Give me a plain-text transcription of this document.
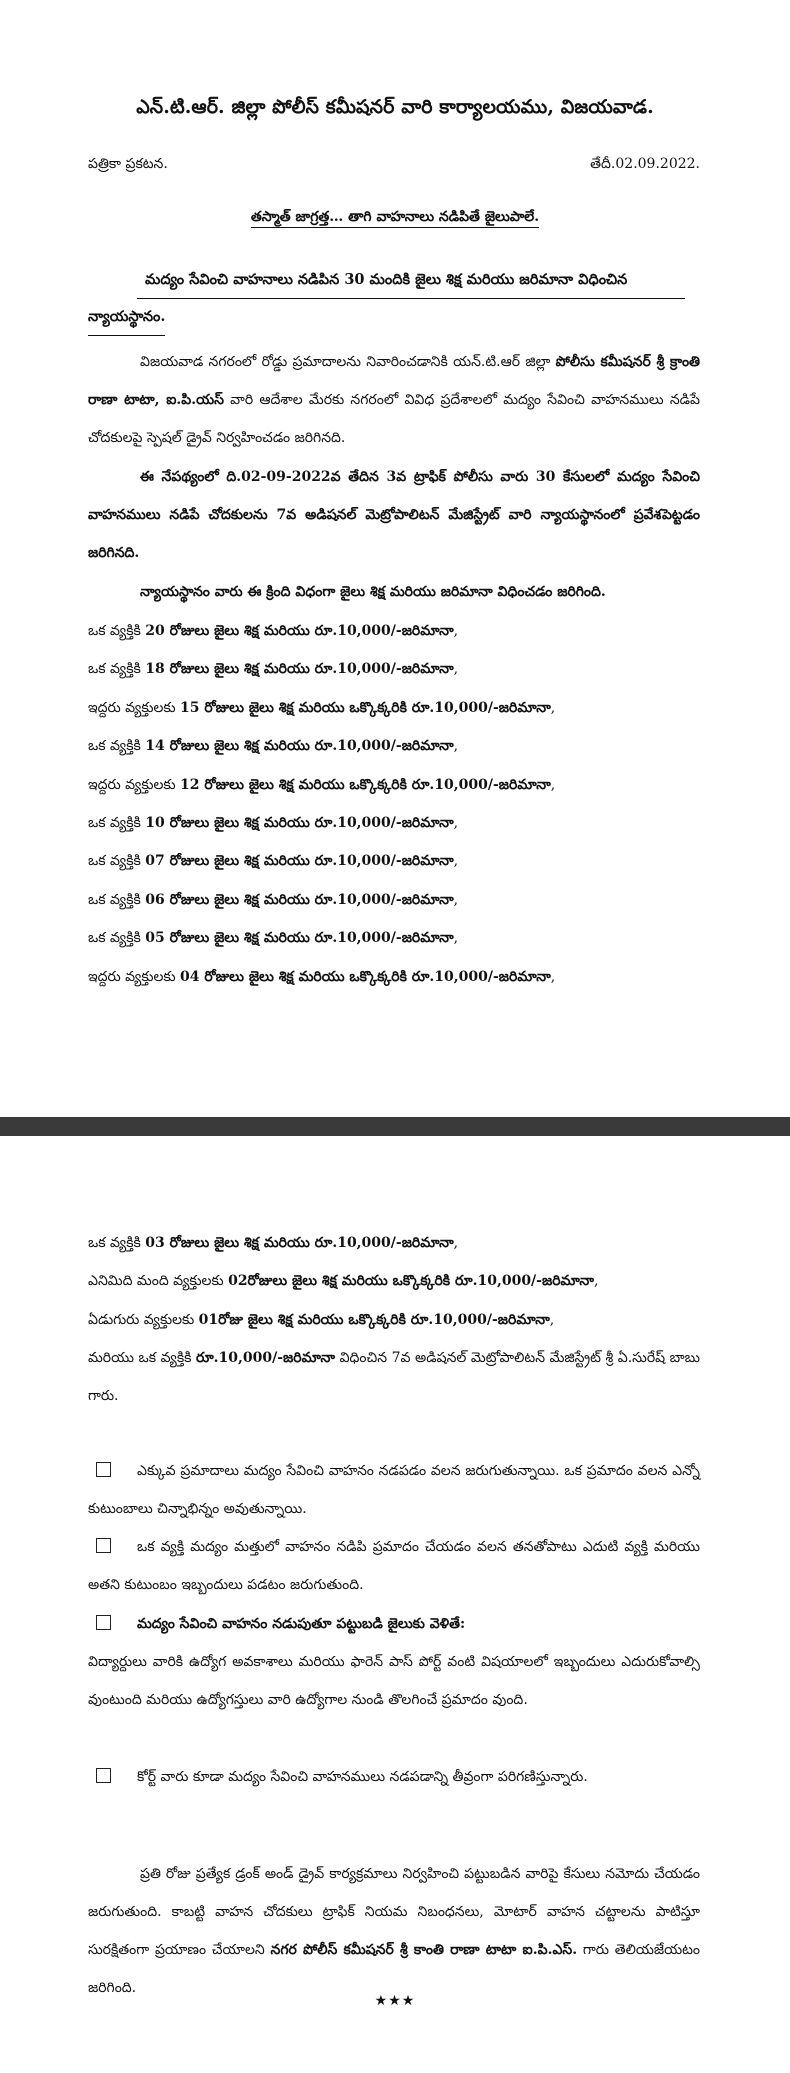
ఎన్.టి.ఆర్. జిల్లా పోలీస్ కమీషనర్ వారి కార్యాలయము, విజయవాడ.
పత్రికా ప్రకటన.	తేదీ.02.09.2022.
తస్మాత్ జాగ్రత్త… తాగి వాహనాలు నడిపితే జైలుపాలే.
మద్యం సేవించి వాహనాలు నడిపిన 30 మందికి జైలు శిక్ష మరియు జరిమానా విధించిన
న్యాయస్థానం.

విజయవాడ నగరంలో రోడ్డు ప్రమాదాలను నివారించడానికి యన్.టి.ఆర్ జిల్లా పోలీసు కమీషనర్ శ్రీ క్రాంతి రాణా టాటా, ఐ.పి.యస్ వారి ఆదేశాల మేరకు నగరంలో వివిధ ప్రదేశాలలో మద్యం సేవించి వాహనములు నడిపే చోదకులపై స్పెషల్ డ్రైవ్ నిర్వహించడం జరిగినది.

ఈ నేపథ్యంలో ది.02-09-2022వ తేదిన 3వ ట్రాఫిక్ పోలీసు వారు 30 కేసులలో మద్యం సేవించి వాహనములు నడిపే చోదకులను 7వ అడిషనల్ మెట్రోపాలిటన్ మేజిస్ట్రేట్ వారి న్యాయస్థానంలో ప్రవేశపెట్టడం జరిగినది.

న్యాయస్థానం వారు ఈ క్రింది విధంగా జైలు శిక్ష మరియు జరిమానా విధించడం జరిగింది.

ఒక వ్యక్తికి 20 రోజులు జైలు శిక్ష మరియు రూ.10,000/-జరిమానా,
ఒక వ్యక్తికి 18 రోజులు జైలు శిక్ష మరియు రూ.10,000/-జరిమానా,
ఇద్దరు వ్యక్తులకు 15 రోజులు జైలు శిక్ష మరియు ఒక్కొక్కరికి రూ.10,000/-జరిమానా,
ఒక వ్యక్తికి 14 రోజులు జైలు శిక్ష మరియు రూ.10,000/-జరిమానా,
ఇద్దరు వ్యక్తులకు 12 రోజులు జైలు శిక్ష మరియు ఒక్కొక్కరికి రూ.10,000/-జరిమానా,
ఒక వ్యక్తికి 10 రోజులు జైలు శిక్ష మరియు రూ.10,000/-జరిమానా,
ఒక వ్యక్తికి 07 రోజులు జైలు శిక్ష మరియు రూ.10,000/-జరిమానా,
ఒక వ్యక్తికి 06 రోజులు జైలు శిక్ష మరియు రూ.10,000/-జరిమానా,
ఒక వ్యక్తికి 05 రోజులు జైలు శిక్ష మరియు రూ.10,000/-జరిమానా,
ఇద్దరు వ్యక్తులకు 04 రోజులు జైలు శిక్ష మరియు ఒక్కొక్కరికి రూ.10,000/-జరిమానా,
ఒక వ్యక్తికి 03 రోజులు జైలు శిక్ష మరియు రూ.10,000/-జరిమానా,
ఎనిమిది మంది వ్యక్తులకు 02రోజులు జైలు శిక్ష మరియు ఒక్కొక్కరికి రూ.10,000/-జరిమానా,
ఏడుగురు వ్యక్తులకు 01రోజు జైలు శిక్ష మరియు ఒక్కొక్కరికి రూ.10,000/-జరిమానా,

మరియు ఒక వ్యక్తికి రూ.10,000/-జరిమానా విధించిన 7వ అడిషనల్ మెట్రోపాలిటన్ మేజిస్ట్రేట్ శ్రీ ఏ.సురేష్ బాబు గారు.

ఎక్కువ ప్రమాదాలు మద్యం సేవించి వాహనం నడపడం వలన జరుగుతున్నాయి. ఒక ప్రమాదం వలన ఎన్నో కుటుంబాలు చిన్నాభిన్నం అవుతున్నాయి.
ఒక వ్యక్తి మద్యం మత్తులో వాహనం నడిపి ప్రమాదం చేయడం వలన తనతోపాటు ఎదుటి వ్యక్తి మరియు అతని కుటుంబం ఇబ్బందులు పడటం జరుగుతుంది.
మద్యం సేవించి వాహనం నడుపుతూ పట్టుబడి జైలుకు వెళితే:
విద్యార్దులు వారికి ఉద్యోగ అవకాశాలు మరియు ఫారెన్ పాస్ పోర్ట్ వంటి విషయాలలో ఇబ్బందులు ఎదురుకోవాల్సి వుంటుంది మరియు ఉద్యోగస్తులు వారి ఉద్యోగాల నుండి తొలగించే ప్రమాదం వుంది.
కోర్ట్ వారు కూడా మద్యం సేవించి వాహనములు నడపడాన్ని తీవ్రంగా పరిగణిస్తున్నారు.

ప్రతి రోజు ప్రత్యేక డ్రంక్ అండ్ డ్రైవ్ కార్యక్రమాలు నిర్వహించి పట్టుబడిన వారిపై కేసులు నమోదు చేయడం జరుగుతుంది. కాబట్టి వాహన చోదకులు ట్రాఫిక్ నియమ నిబంధనలు, మోటార్ వాహన చట్టాలను పాటిస్తూ సురక్షితంగా ప్రయాణం చేయాలని నగర పోలీస్ కమీషనర్ శ్రీ కాంతి రాణా టాటా ఐ.పి.ఎస్. గారు తెలియజేయటం జరిగింది.

★★★
